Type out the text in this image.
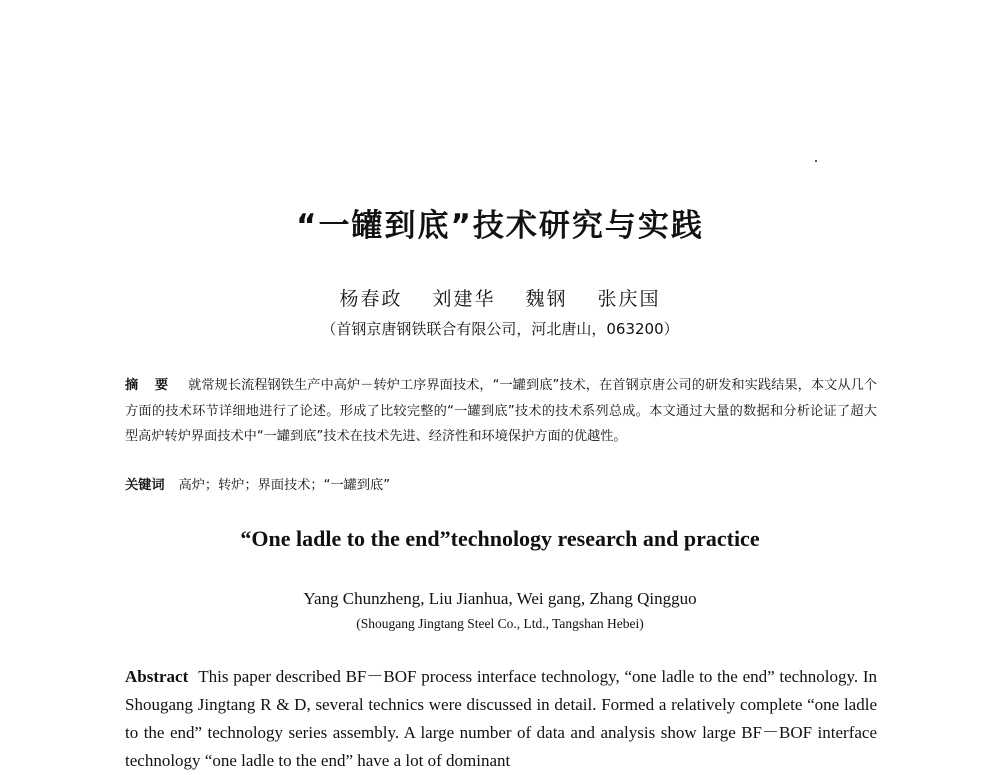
“一罐到底”技术研究与实践
杨春政 刘建华 魏钢 张庆国
（首钢京唐钢铁联合有限公司，河北唐山，063200）
摘 要 就常规长流程钢铁生产中高炉－转炉工序界面技术，“一罐到底”技术，在首钢京唐公司的研发和实践结果，本文从几个方面的技术环节详细地进行了论述。形成了比较完整的“一罐到底”技术的技术系列总成。本文通过大量的数据和分析论证了超大型高炉转炉界面技术中“一罐到底”技术在技术先进、经济性和环境保护方面的优越性。
关键词 高炉；转炉；界面技术；“一罐到底”
“One ladle to the end”technology research and practice
Yang Chunzheng, Liu Jianhua, Wei gang, Zhang Qingguo
(Shougang Jingtang Steel Co., Ltd., Tangshan Hebei)
Abstract This paper described BF－BOF process interface technology, “one ladle to the end” technology. In Shougang Jingtang R & D, several technics were discussed in detail. Formed a relatively complete “one ladle to the end” technology series assembly. A large number of data and analysis show large BF－BOF interface technology “one ladle to the end” have a lot of dominant
